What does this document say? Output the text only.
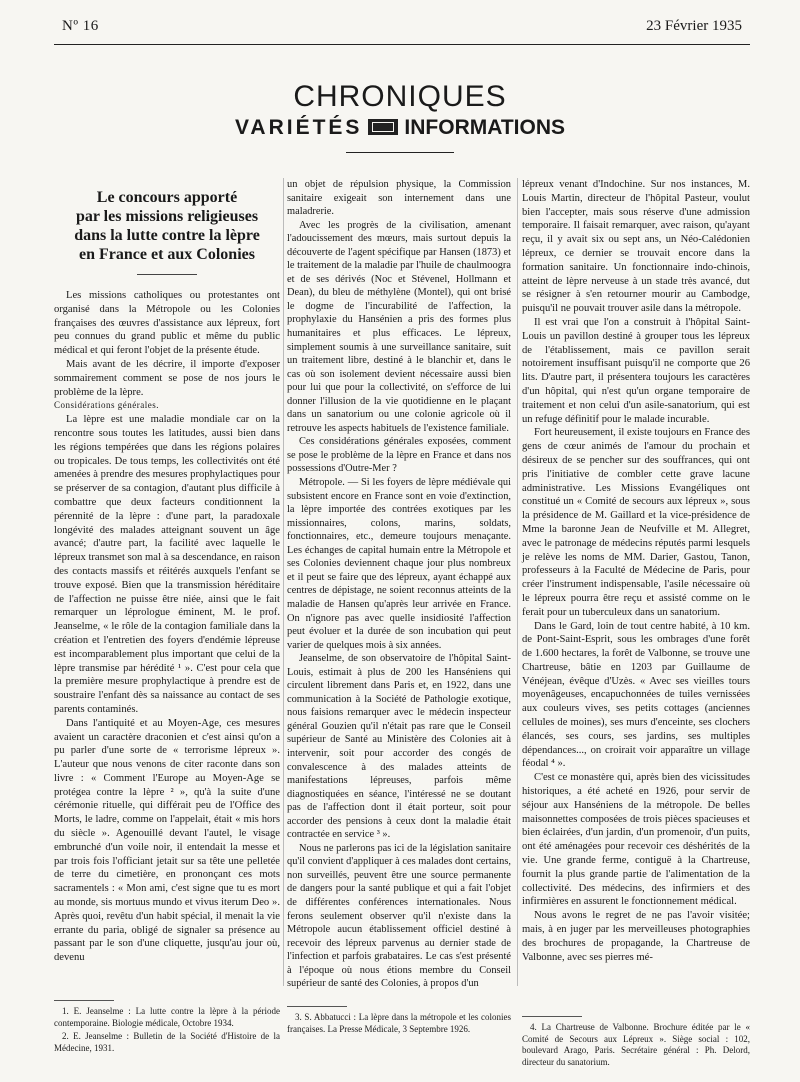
Nº 16	23 Février 1935
CHRONIQUES
VARIÉTÉS INFORMATIONS
Le concours apporté
par les missions religieuses
dans la lutte contre la lèpre
en France et aux Colonies

Les missions catholiques ou protestantes ont organisé dans la Métropole ou les Colonies françaises des œuvres d'assistance aux lépreux, fort peu connues du grand public et même du public médical et qui feront l'objet de la présente étude.

Mais avant de les décrire, il importe d'exposer sommairement comment se pose de nos jours le problème de la lèpre.

Considérations générales.

La lèpre est une maladie mondiale car on la rencontre sous toutes les latitudes, aussi bien dans les régions tempérées que dans les régions polaires ou tropicales. De tous temps, les collectivités ont été amenées à prendre des mesures prophylactiques pour se préserver de sa contagion, d'autant plus difficile à combattre que deux facteurs conditionnent la pérennité de la lèpre : d'une part, la paradoxale longévité des malades atteignant souvent un âge avancé; d'autre part, la facilité avec laquelle le lépreux transmet son mal à sa descendance, en raison des contacts massifs et réitérés auxquels l'enfant se trouve exposé. Bien que la transmission héréditaire de l'affection ne puisse être niée, ainsi que le fait remarquer un léprologue éminent, M. le prof. Jeanselme, « le rôle de la contagion familiale dans la création et l'entretien des foyers d'endémie lépreuse est incomparablement plus important que celui de la lèpre transmise par hérédité ¹ ». C'est pour cela que la première mesure prophylactique à prendre est de soustraire l'enfant dès sa naissance au contact de ses parents contaminés.

Dans l'antiquité et au Moyen-Age, ces mesures avaient un caractère draconien et c'est ainsi qu'on a pu parler d'une sorte de « terrorisme lépreux ». L'auteur que nous venons de citer raconte dans son livre : « Comment l'Europe au Moyen-Age se protégea contre la lèpre ² », qu'à la suite d'une cérémonie rituelle, qui différait peu de l'Office des Morts, le ladre, comme on l'appelait, était « mis hors du siècle ». Agenouillé devant l'autel, le visage embrunché d'un voile noir, il entendait la messe et par trois fois l'officiant jetait sur sa tête une pelletée de terre du cimetière, en prononçant ces mots sacramentels : « Mon ami, c'est signe que tu es mort au monde, sis mortuus mundo et vivus iterum Deo ». Après quoi, revêtu d'un habit spécial, il menait la vie errante du paria, obligé de signaler sa présence au passant par le son d'une cliquette, jusqu'au jour où, devenu

un objet de répulsion physique, la Commission sanitaire exigeait son internement dans une maladrerie.

Avec les progrès de la civilisation, amenant l'adoucissement des mœurs, mais surtout depuis la découverte de l'agent spécifique par Hansen (1873) et le traitement de la maladie par l'huile de chaulmoogra et de ses dérivés (Noc et Stévenel, Hollmann et Dean), du bleu de méthylène (Montel), qui ont brisé le dogme de l'incurabilité de l'affection, la prophylaxie du Hansénien a pris des formes plus humanitaires et plus efficaces. Le lépreux, simplement soumis à une surveillance sanitaire, suit un traitement libre, destiné à le blanchir et, dans le cas où son isolement devient nécessaire aussi bien pour lui que pour la collectivité, on s'efforce de lui donner l'illusion de la vie quotidienne en le plaçant dans un sanatorium ou une colonie agricole où il retrouve les aspects habituels de l'existence familiale.

Ces considérations générales exposées, comment se pose le problème de la lèpre en France et dans nos possessions d'Outre-Mer ?

Métropole. — Si les foyers de lèpre médiévale qui subsistent encore en France sont en voie d'extinction, la lèpre importée des contrées exotiques par les missionnaires, colons, marins, soldats, fonctionnaires, etc., demeure toujours menaçante. Les échanges de capital humain entre la Métropole et ses Colonies deviennent chaque jour plus nombreux et il peut se faire que des lépreux, ayant échappé aux centres de dépistage, ne soient reconnus atteints de la maladie de Hansen qu'après leur arrivée en France. On n'ignore pas avec quelle insidiosité l'affection peut évoluer et la durée de son incubation qui peut varier de quelques mois à six années.

Jeanselme, de son observatoire de l'hôpital Saint-Louis, estimait à plus de 200 les Hanséniens qui circulent librement dans Paris et, en 1922, dans une communication à la Société de Pathologie exotique, nous faisions remarquer avec le médecin inspecteur général Gouzien qu'il n'était pas rare que le Conseil supérieur de Santé au Ministère des Colonies ait à intervenir, soit pour accorder des congés de convalescence à des malades atteints de manifestations lépreuses, parfois même diagnostiquées en séance, l'intéressé ne se doutant pas de l'affection dont il était porteur, soit pour accorder des pensions à ceux dont la maladie était contractée en service ³ ».

Nous ne parlerons pas ici de la législation sanitaire qu'il convient d'appliquer à ces malades dont certains, non surveillés, peuvent être une source permanente de dangers pour la santé publique et qui a fait l'objet de différentes conférences internationales. Nous ferons seulement observer qu'il n'existe dans la Métropole aucun établissement officiel destiné à recevoir des lépreux parvenus au dernier stade de l'infection et parfois grabataires. Le cas s'est présenté à l'époque où nous étions membre du Conseil supérieur de santé des Colonies, à propos d'un

lépreux venant d'Indochine. Sur nos instances, M. Louis Martin, directeur de l'hôpital Pasteur, voulut bien l'accepter, mais sous réserve d'une admission temporaire. Il faisait remarquer, avec raison, qu'ayant reçu, il y avait six ou sept ans, un Néo-Calédonien lépreux, ce dernier se trouvait encore dans la formation sanitaire. Un fonctionnaire indo-chinois, atteint de lèpre nerveuse à un stade très avancé, dut se résigner à s'en retourner mourir au Cambodge, puisqu'il ne pouvait trouver asile dans la métropole.

Il est vrai que l'on a construit à l'hôpital Saint-Louis un pavillon destiné à grouper tous les lépreux de l'établissement, mais ce pavillon serait notoirement insuffisant puisqu'il ne comporte que 26 lits. D'autre part, il présentera toujours les caractères d'un hôpital, qui n'est qu'un organe temporaire de traitement et non celui d'un asile-sanatorium, qui est un refuge définitif pour le malade incurable.

Fort heureusement, il existe toujours en France des gens de cœur animés de l'amour du prochain et désireux de se pencher sur des souffrances, qui ont pris l'initiative de combler cette grave lacune administrative. Les Missions Evangéliques ont constitué un « Comité de secours aux lépreux », sous la présidence de M. Gaillard et la vice-présidence de Mme la baronne Jean de Neufville et M. Allegret, avec le patronage de médecins réputés parmi lesquels je relève les noms de MM. Darier, Gastou, Tanon, professeurs à la Faculté de Médecine de Paris, pour créer l'instrument indispensable, l'asile nécessaire où le lépreux pourra être reçu et assisté comme on le ferait pour un tuberculeux dans un sanatorium.

Dans le Gard, loin de tout centre habité, à 10 km. de Pont-Saint-Esprit, sous les ombrages d'une forêt de 1.600 hectares, la forêt de Valbonne, se trouve une Chartreuse, bâtie en 1203 par Guillaume de Vénéjean, évêque d'Uzès. « Avec ses vieilles tours moyenâgeuses, encapuchonnées de tuiles vernissées aux couleurs vives, ses petits cottages (anciennes cellules de moines), ses murs d'enceinte, ses clochers élancés, ses cours, ses jardins, ses multiples dépendances..., on croirait voir apparaître un village féodal ⁴ ».

C'est ce monastère qui, après bien des vicissitudes historiques, a été acheté en 1926, pour servir de séjour aux Hanséniens de la métropole. De belles maisonnettes composées de trois pièces spacieuses et bien éclairées, d'un jardin, d'un promenoir, d'un puits, ont été aménagées pour recevoir ces déshérités de la vie. Une grande ferme, contiguë à la Chartreuse, fournit la plus grande partie de l'alimentation de la collectivité. Des médecins, des infirmiers et des infirmières en assurent le fonctionnement médical.

Nous avons le regret de ne pas l'avoir visitée; mais, à en juger par les merveilleuses photographies des brochures de propagande, la Chartreuse de Valbonne, avec ses pierres mé-

1. E. Jeanselme : La lutte contre la lèpre à la période contemporaine. Biologie médicale, Octobre 1934.

2. E. Jeanselme : Bulletin de la Société d'Histoire de la Médecine, 1931.

3. S. Abbatucci : La lèpre dans la métropole et les colonies françaises. La Presse Médicale, 3 Septembre 1926.	4. La Chartreuse de Valbonne. Brochure éditée par le « Comité de Secours aux Lépreux ». Siège social : 102, boulevard Arago, Paris. Secrétaire général : Ph. Delord, directeur du sanatorium.
